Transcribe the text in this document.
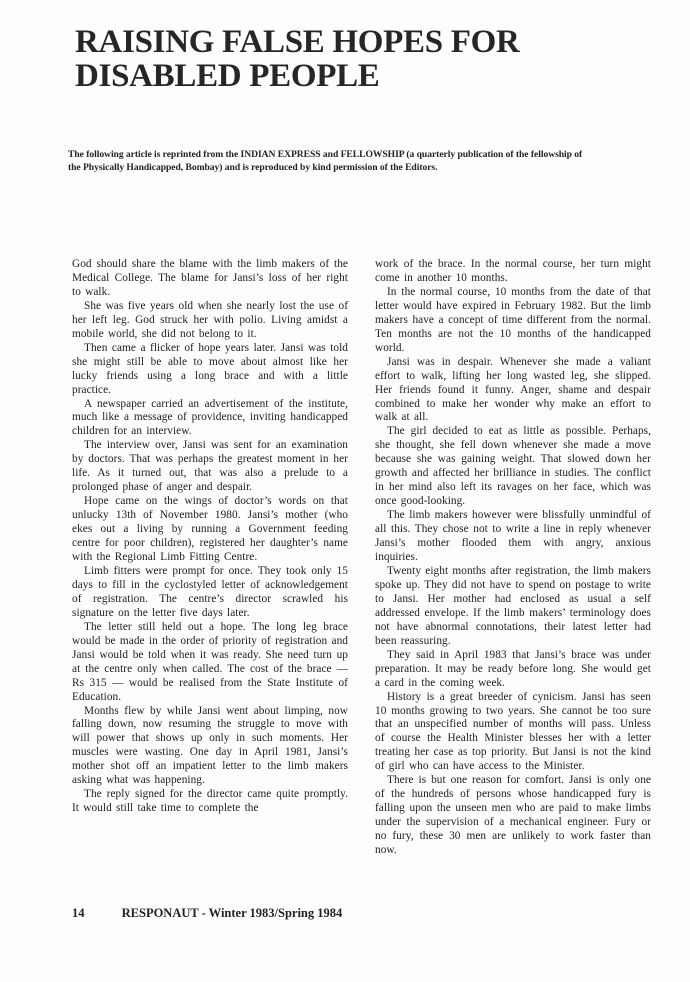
RAISING FALSE HOPES FOR
DISABLED PEOPLE

The following article is reprinted from the INDIAN EXPRESS and FELLOWSHIP (a quarterly publication of the fellowship of the Physically Handicapped, Bombay) and is reproduced by kind permission of the Editors.

God should share the blame with the limb makers of the Medical College. The blame for Jansi’s loss of her right to walk.

She was five years old when she nearly lost the use of her left leg. God struck her with polio. Living amidst a mobile world, she did not belong to it.

Then came a flicker of hope years later. Jansi was told she might still be able to move about almost like her lucky friends using a long brace and with a little practice.

A newspaper carried an advertisement of the institute, much like a message of providence, inviting handicapped children for an interview.

The interview over, Jansi was sent for an examination by doctors. That was perhaps the greatest moment in her life. As it turned out, that was also a prelude to a prolonged phase of anger and despair.

Hope came on the wings of doctor’s words on that unlucky 13th of November 1980. Jansi’s mother (who ekes out a living by running a Government feeding centre for poor children), registered her daughter’s name with the Regional Limb Fitting Centre.

Limb fitters were prompt for once. They took only 15 days to fill in the cyclostyled letter of acknowledgement of registration. The centre’s director scrawled his signature on the letter five days later.

The letter still held out a hope. The long leg brace would be made in the order of priority of registration and Jansi would be told when it was ready. She need turn up at the centre only when called. The cost of the brace — Rs 315 — would be realised from the State Institute of Education.

Months flew by while Jansi went about limping, now falling down, now resuming the struggle to move with will power that shows up only in such moments. Her muscles were wasting. One day in April 1981, Jansi’s mother shot off an impatient letter to the limb makers asking what was happening.

The reply signed for the director came quite promptly. It would still take time to complete the

work of the brace. In the normal course, her turn might come in another 10 months.

In the normal course, 10 months from the date of that letter would have expired in February 1982. But the limb makers have a concept of time different from the normal. Ten months are not the 10 months of the handicapped world.

Jansi was in despair. Whenever she made a valiant effort to walk, lifting her long wasted leg, she slipped. Her friends found it funny. Anger, shame and despair combined to make her wonder why make an effort to walk at all.

The girl decided to eat as little as possible. Perhaps, she thought, she fell down whenever she made a move because she was gaining weight. That slowed down her growth and affected her brilliance in studies. The conflict in her mind also left its ravages on her face, which was once good-looking.

The limb makers however were blissfully unmindful of all this. They chose not to write a line in reply whenever Jansi’s mother flooded them with angry, anxious inquiries.

Twenty eight months after registration, the limb makers spoke up. They did not have to spend on postage to write to Jansi. Her mother had enclosed as usual a self addressed envelope. If the limb makers’ terminology does not have abnormal connotations, their latest letter had been reassuring.

They said in April 1983 that Jansi’s brace was under preparation. It may be ready before long. She would get a card in the coming week.

History is a great breeder of cynicism. Jansi has seen 10 months growing to two years. She cannot be too sure that an unspecified number of months will pass. Unless of course the Health Minister blesses her with a letter treating her case as top priority. But Jansi is not the kind of girl who can have access to the Minister.

There is but one reason for comfort. Jansi is only one of the hundreds of persons whose handicapped fury is falling upon the unseen men who are paid to make limbs under the supervision of a mechanical engineer. Fury or no fury, these 30 men are unlikely to work faster than now.

14	RESPONAUT - Winter 1983/Spring 1984
